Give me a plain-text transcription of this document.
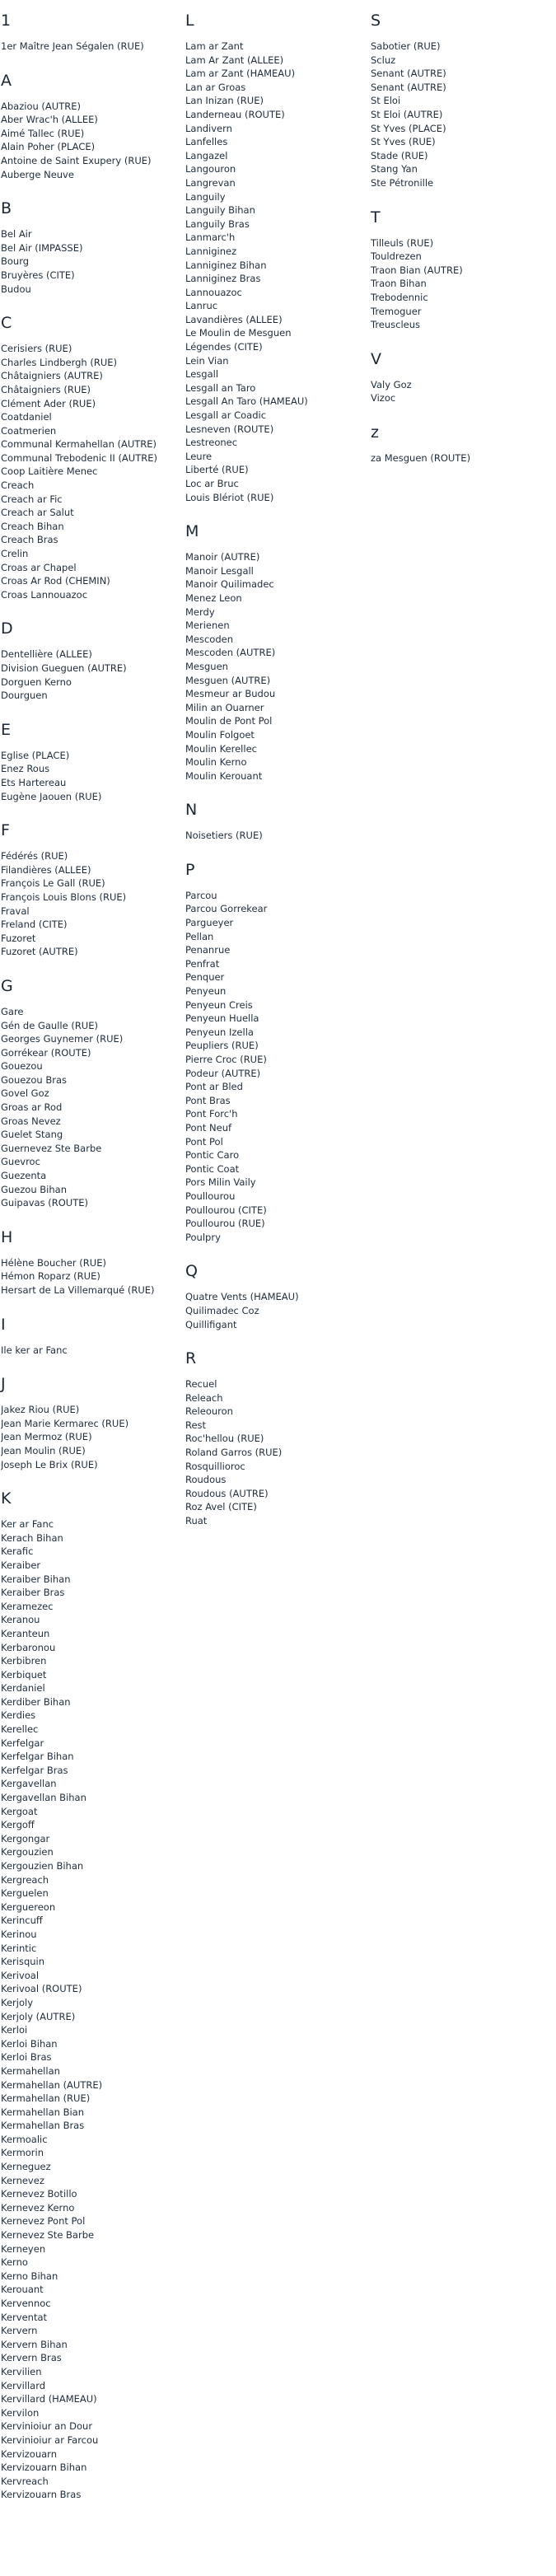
1
1er Maître Jean Ségalen (RUE)
A
Abaziou (AUTRE)
Aber Wrac'h (ALLEE)
Aimé Tallec (RUE)
Alain Poher (PLACE)
Antoine de Saint Exupery (RUE)
Auberge Neuve
B
Bel Air
Bel Air (IMPASSE)
Bourg
Bruyères (CITE)
Budou
C
Cerisiers (RUE)
Charles Lindbergh (RUE)
Châtaigniers (AUTRE)
Châtaigniers (RUE)
Clément Ader (RUE)
Coatdaniel
Coatmerien
Communal Kermahellan (AUTRE)
Communal Trebodenic II (AUTRE)
Coop Laitière Menec
Creach
Creach ar Fic
Creach ar Salut
Creach Bihan
Creach Bras
Crelin
Croas ar Chapel
Croas Ar Rod (CHEMIN)
Croas Lannouazoc
D
Dentellière (ALLEE)
Division Gueguen (AUTRE)
Dorguen Kerno
Dourguen
E
Eglise (PLACE)
Enez Rous
Ets Hartereau
Eugène Jaouen (RUE)
F
Fédérés (RUE)
Filandières (ALLEE)
François Le Gall (RUE)
François Louis Blons (RUE)
Fraval
Freland (CITE)
Fuzoret
Fuzoret (AUTRE)
G
Gare
Gén de Gaulle (RUE)
Georges Guynemer (RUE)
Gorrékear (ROUTE)
Gouezou
Gouezou Bras
Govel Goz
Groas ar Rod
Groas Nevez
Guelet Stang
Guernevez Ste Barbe
Guevroc
Guezenta
Guezou Bihan
Guipavas (ROUTE)
H
Hélène Boucher (RUE)
Hémon Roparz (RUE)
Hersart de La Villemarqué (RUE)
I
Ile ker ar Fanc
J
Jakez Riou (RUE)
Jean Marie Kermarec (RUE)
Jean Mermoz (RUE)
Jean Moulin (RUE)
Joseph Le Brix (RUE)
K
Ker ar Fanc
Kerach Bihan
Kerafic
Keraiber
Keraiber Bihan
Keraiber Bras
Keramezec
Keranou
Keranteun
Kerbaronou
Kerbibren
Kerbiquet
Kerdaniel
Kerdiber Bihan
Kerdies
Kerellec
Kerfelgar
Kerfelgar Bihan
Kerfelgar Bras
Kergavellan
Kergavellan Bihan
Kergoat
Kergoff
Kergongar
Kergouzien
Kergouzien Bihan
Kergreach
Kerguelen
Kerguereon
Kerincuff
Kerinou
Kerintic
Kerisquin
Kerivoal
Kerivoal (ROUTE)
Kerjoly
Kerjoly (AUTRE)
Kerloi
Kerloi Bihan
Kerloi Bras
Kermahellan
Kermahellan (AUTRE)
Kermahellan (RUE)
Kermahellan Bian
Kermahellan Bras
Kermoalic
Kermorin
Kerneguez
Kernevez
Kernevez Botillo
Kernevez Kerno
Kernevez Pont Pol
Kernevez Ste Barbe
Kerneyen
Kerno
Kerno Bihan
Kerouant
Kervennoc
Kerventat
Kervern
Kervern Bihan
Kervern Bras
Kervilien
Kervillard
Kervillard (HAMEAU)
Kervilon
Kervinioiur an Dour
Kervinioiur ar Farcou
Kervizouarn
Kervizouarn Bihan
Kervreach
Kervizouarn Bras
L
Lam ar Zant
Lam Ar Zant (ALLEE)
Lam ar Zant (HAMEAU)
Lan ar Groas
Lan Inizan (RUE)
Landerneau (ROUTE)
Landivern
Lanfelles
Langazel
Langouron
Langrevan
Languily
Languily Bihan
Languily Bras
Lanmarc'h
Lanniginez
Lanniginez Bihan
Lanniginez Bras
Lannouazoc
Lanruc
Lavandières (ALLEE)
Le Moulin de Mesguen
Légendes (CITE)
Lein Vian
Lesgall
Lesgall an Taro
Lesgall An Taro (HAMEAU)
Lesgall ar Coadic
Lesneven (ROUTE)
Lestreonec
Leure
Liberté (RUE)
Loc ar Bruc
Louis Blériot (RUE)
M
Manoir (AUTRE)
Manoir Lesgall
Manoir Quilimadec
Menez Leon
Merdy
Merienen
Mescoden
Mescoden (AUTRE)
Mesguen
Mesguen (AUTRE)
Mesmeur ar Budou
Milin an Ouarner
Moulin de Pont Pol
Moulin Folgoet
Moulin Kerellec
Moulin Kerno
Moulin Kerouant
N
Noisetiers (RUE)
P
Parcou
Parcou Gorrekear
Pargueyer
Pellan
Penanrue
Penfrat
Penquer
Penyeun
Penyeun Creis
Penyeun Huella
Penyeun Izella
Peupliers (RUE)
Pierre Croc (RUE)
Podeur (AUTRE)
Pont ar Bled
Pont Bras
Pont Forc'h
Pont Neuf
Pont Pol
Pontic Caro
Pontic Coat
Pors Milin Vaily
Poullourou
Poullourou (CITE)
Poullourou (RUE)
Poulpry
Q
Quatre Vents (HAMEAU)
Quilimadec Coz
Quillifigant
R
Recuel
Releach
Releouron
Rest
Roc'hellou (RUE)
Roland Garros (RUE)
Rosquillioroc
Roudous
Roudous (AUTRE)
Roz Avel (CITE)
Ruat
S
Sabotier (RUE)
Scluz
Senant (AUTRE)
Senant (AUTRE)
St Eloi
St Eloi (AUTRE)
St Yves (PLACE)
St Yves (RUE)
Stade (RUE)
Stang Yan
Ste Pétronille
T
Tilleuls (RUE)
Touldrezen
Traon Bian (AUTRE)
Traon Bihan
Trebodennic
Tremoguer
Treuscleus
V
Valy Goz
Vizoc
z
za Mesguen (ROUTE)
